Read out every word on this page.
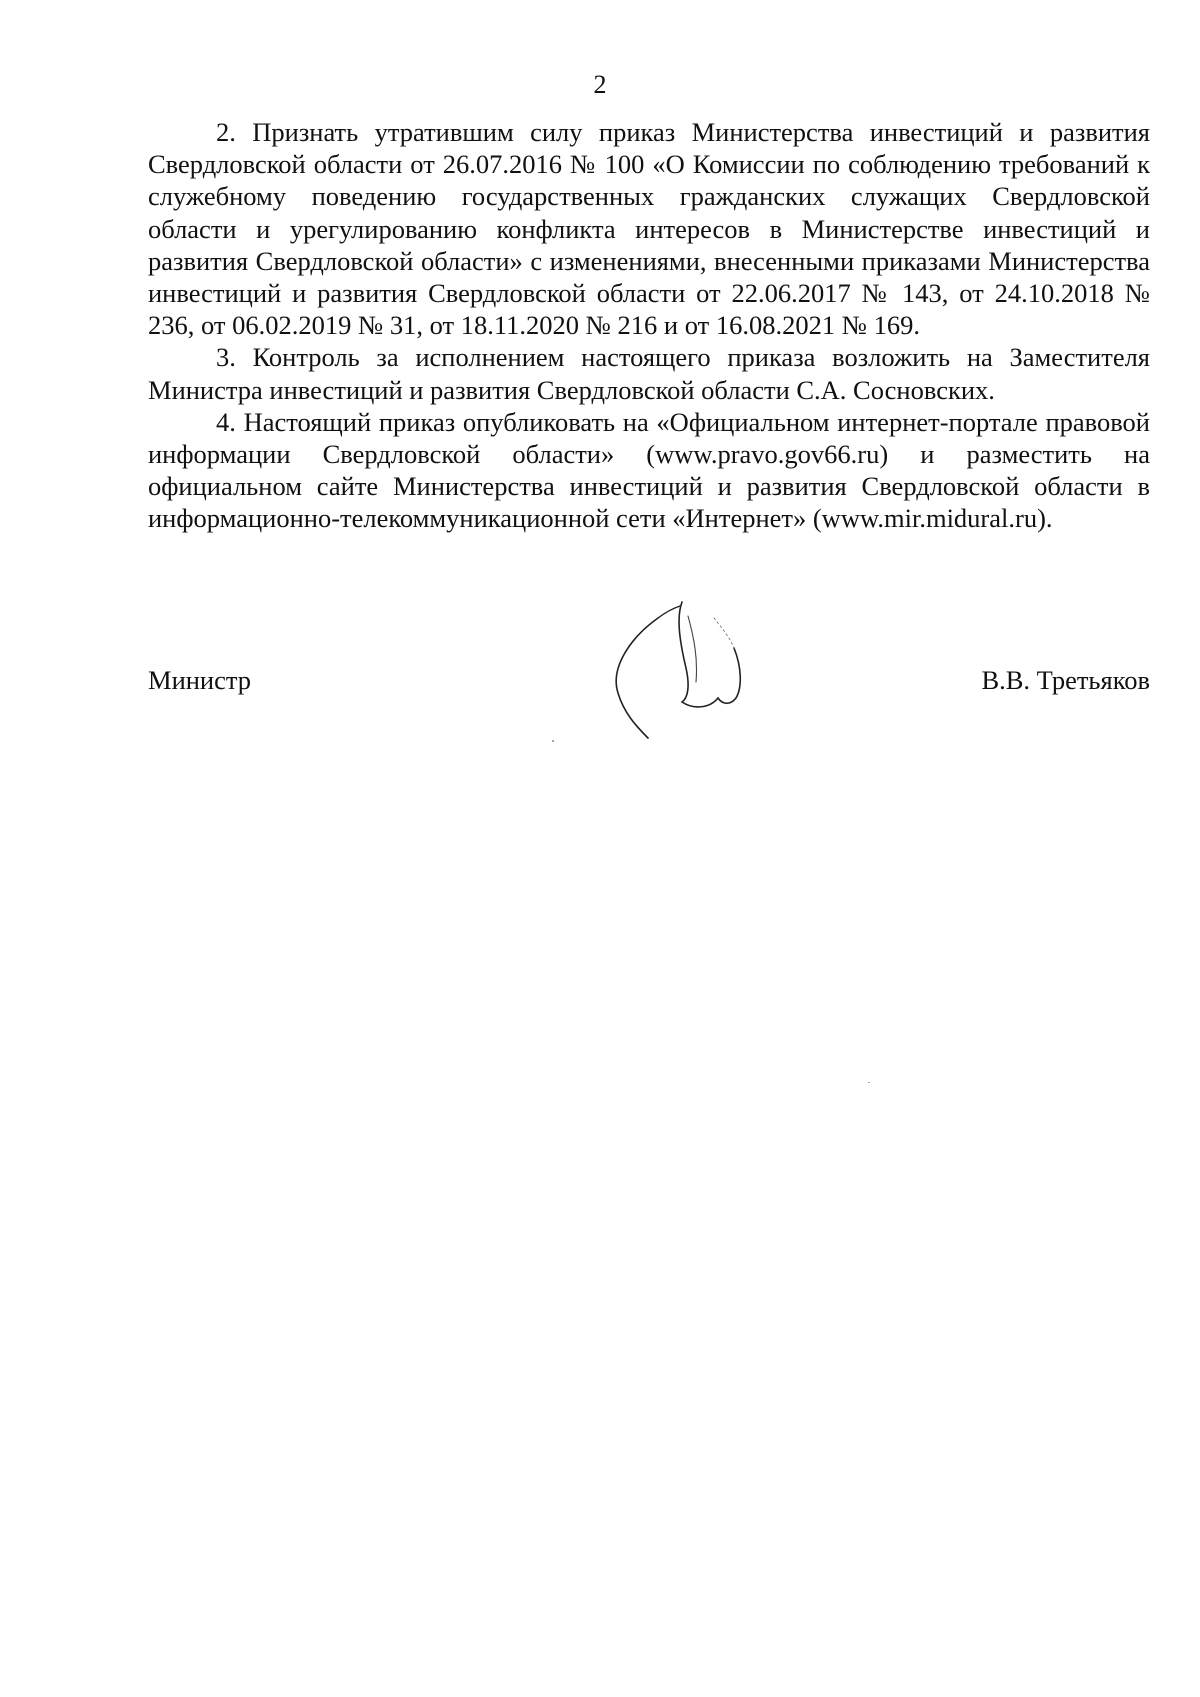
2

2. Признать утратившим силу приказ Министерства инвестиций и развития Свердловской области от 26.07.2016 № 100 «О Комиссии по соблюдению требований к служебному поведению государственных гражданских служащих Свердловской области и урегулированию конфликта интересов в Министерстве инвестиций и развития Свердловской области» с изменениями, внесенными приказами Министерства инвестиций и развития Свердловской области от 22.06.2017 № 143, от 24.10.2018 № 236, от 06.02.2019 № 31, от 18.11.2020 № 216 и от 16.08.2021 № 169.

3. Контроль за исполнением настоящего приказа возложить на Заместителя Министра инвестиций и развития Свердловской области С.А. Сосновских.

4. Настоящий приказ опубликовать на «Официальном интернет-портале правовой информации Свердловской области» (www.pravo.gov66.ru) и разместить на официальном сайте Министерства инвестиций и развития Свердловской области в информационно-телекоммуникационной сети «Интернет» (www.mir.midural.ru).

Министр	В.В. Третьяков
